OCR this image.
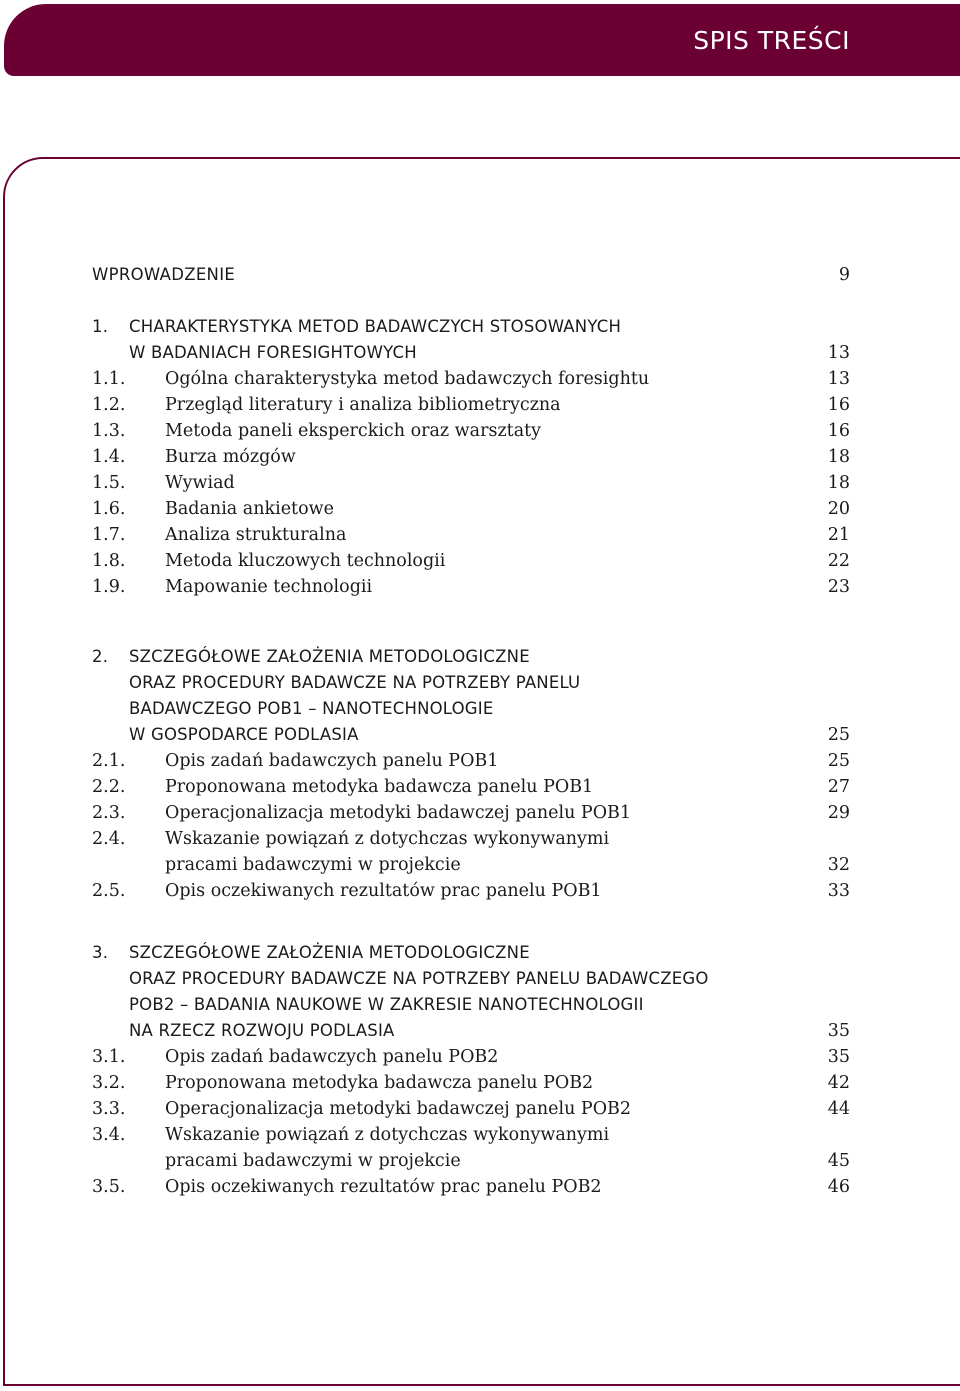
SPIS TREŚCI
WPROWADZENIE	9
1. CHARAKTERYSTYKA METOD BADAWCZYCH STOSOWANYCH
W BADANIACH FORESIGHTOWYCH	13
1.1. Ogólna charakterystyka metod badawczych foresightu	13
1.2. Przegląd literatury i analiza bibliometryczna	16
1.3. Metoda paneli eksperckich oraz warsztaty	16
1.4. Burza mózgów	18
1.5. Wywiad	18
1.6. Badania ankietowe	20
1.7. Analiza strukturalna	21
1.8. Metoda kluczowych technologii	22
1.9. Mapowanie technologii	23
2. SZCZEGÓŁOWE ZAŁOŻENIA METODOLOGICZNE
ORAZ PROCEDURY BADAWCZE NA POTRZEBY PANELU
BADAWCZEGO POB1 – NANOTECHNOLOGIE
W GOSPODARCE PODLASIA	25
2.1. Opis zadań badawczych panelu POB1	25
2.2. Proponowana metodyka badawcza panelu POB1	27
2.3. Operacjonalizacja metodyki badawczej panelu POB1	29
2.4. Wskazanie powiązań z dotychczas wykonywanymi
pracami badawczymi w projekcie	32
2.5. Opis oczekiwanych rezultatów prac panelu POB1	33
3. SZCZEGÓŁOWE ZAŁOŻENIA METODOLOGICZNE
ORAZ PROCEDURY BADAWCZE NA POTRZEBY PANELU BADAWCZEGO
POB2 – BADANIA NAUKOWE W ZAKRESIE NANOTECHNOLOGII
NA RZECZ ROZWOJU PODLASIA	35
3.1. Opis zadań badawczych panelu POB2	35
3.2. Proponowana metodyka badawcza panelu POB2	42
3.3. Operacjonalizacja metodyki badawczej panelu POB2	44
3.4. Wskazanie powiązań z dotychczas wykonywanymi
pracami badawczymi w projekcie	45
3.5. Opis oczekiwanych rezultatów prac panelu POB2	46
